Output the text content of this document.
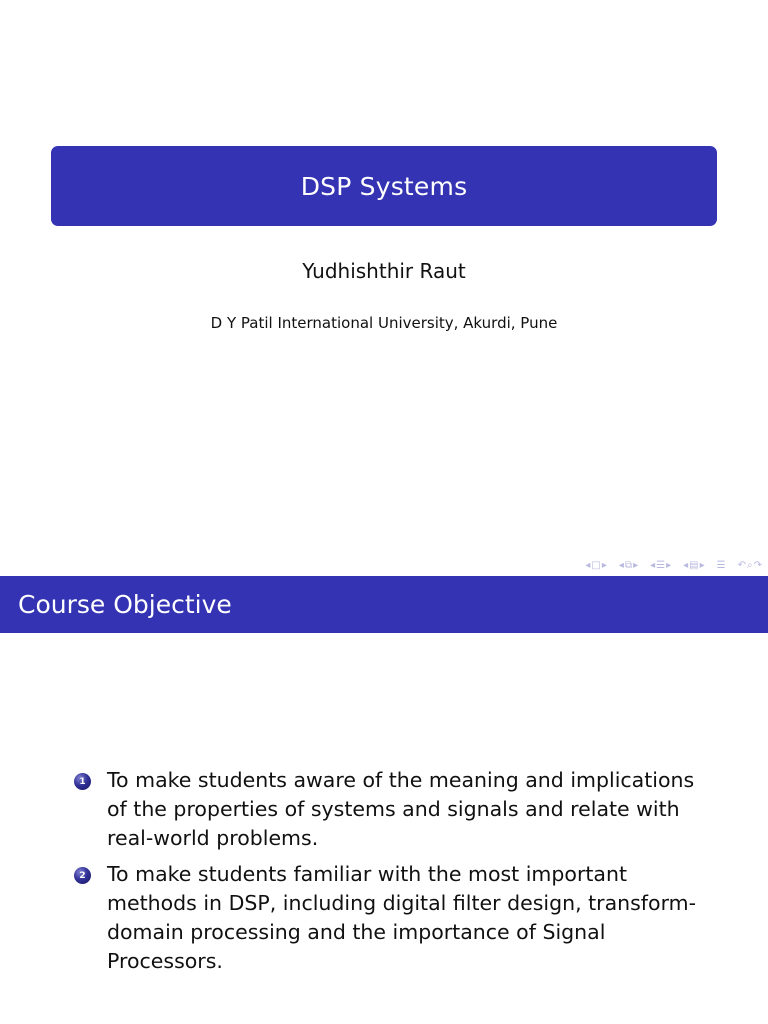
DSP Systems
Yudhishthir Raut
D Y Patil International University, Akurdi, Pune
◂ □ ▸ ◂ ⧉ ▸ ◂ ☰ ▸ ◂ ▤ ▸ ☰ ↶ ⌕ ↷
Course Objective
1 To make students aware of the meaning and implications of the properties of systems and signals and relate with real-world problems.
2 To make students familiar with the most important methods in DSP, including digital filter design, transform-domain processing and the importance of Signal Processors.
